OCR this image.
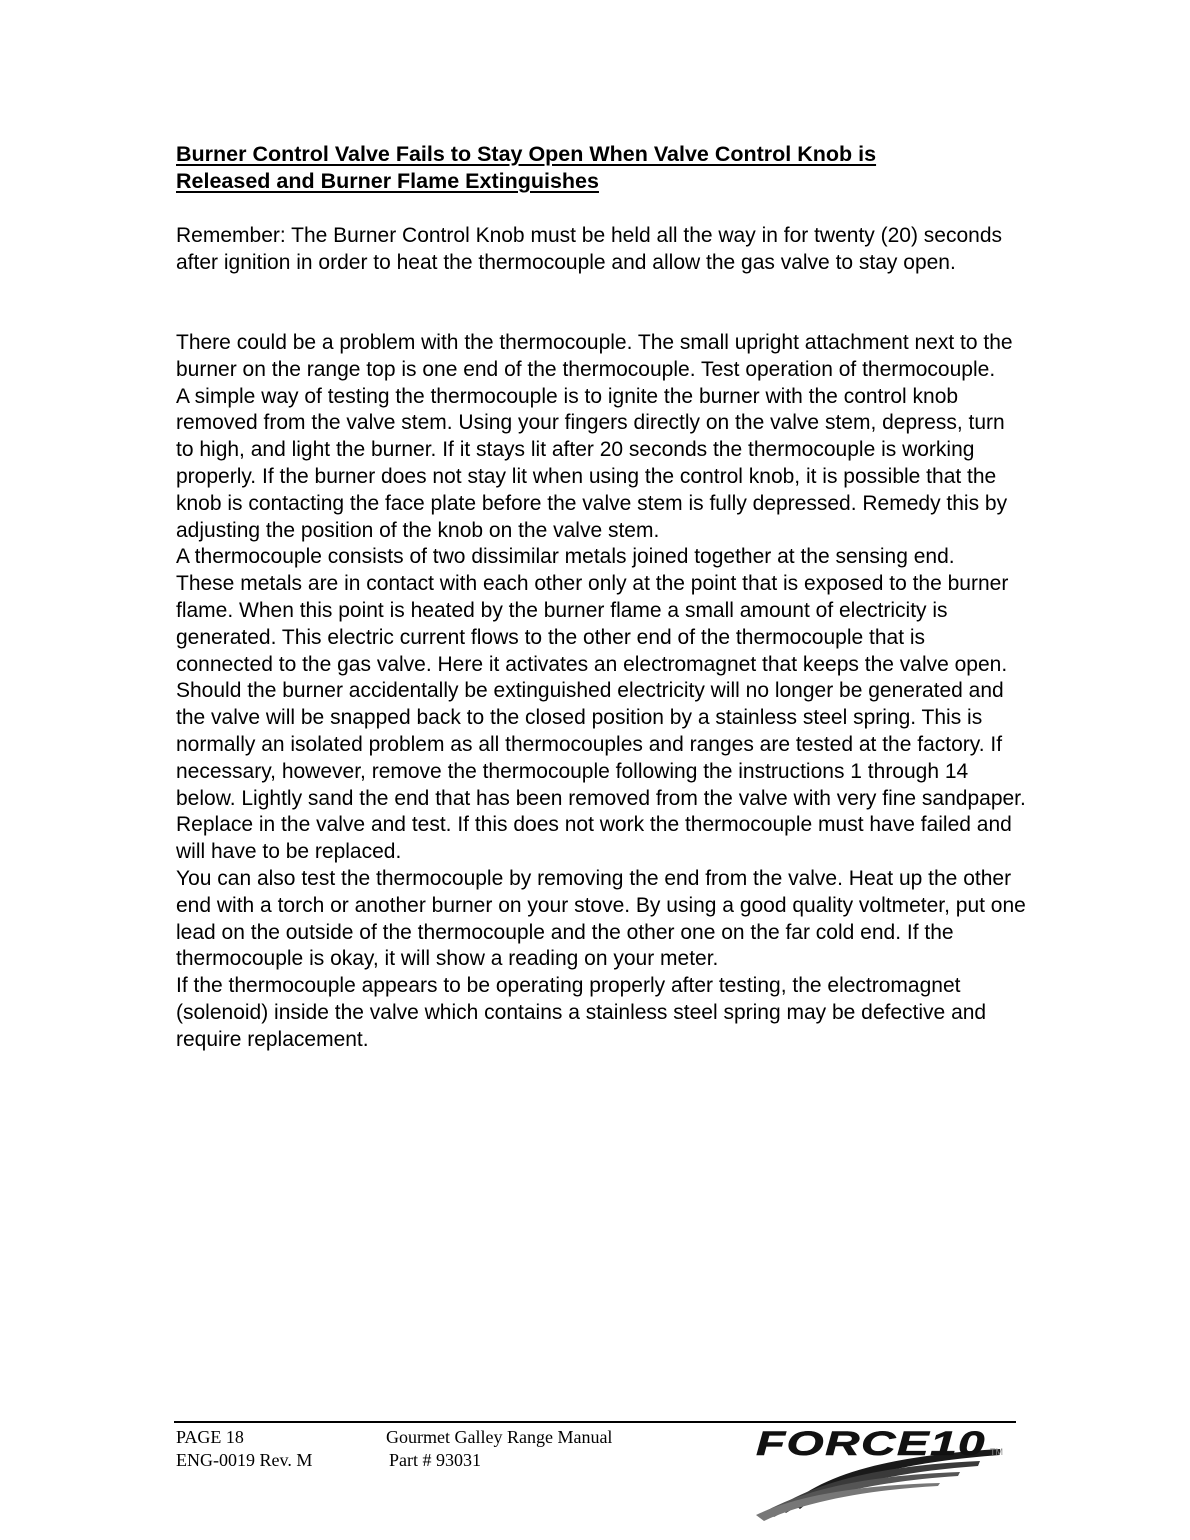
Burner Control Valve Fails to Stay Open When Valve Control Knob is
Released and Burner Flame Extinguishes

Remember: The Burner Control Knob must be held all the way in for twenty (20) seconds after ignition in order to heat the thermocouple and allow the gas valve to stay open.

There could be a problem with the thermocouple. The small upright attachment next to the burner on the range top is one end of the thermocouple. Test operation of thermocouple.

A simple way of testing the thermocouple is to ignite the burner with the control knob removed from the valve stem. Using your fingers directly on the valve stem, depress, turn to high, and light the burner. If it stays lit after 20 seconds the thermocouple is working properly. If the burner does not stay lit when using the control knob, it is possible that the knob is contacting the face plate before the valve stem is fully depressed. Remedy this by adjusting the position of the knob on the valve stem.

A thermocouple consists of two dissimilar metals joined together at the sensing end.

These metals are in contact with each other only at the point that is exposed to the burner flame. When this point is heated by the burner flame a small amount of electricity is generated. This electric current flows to the other end of the thermocouple that is connected to the gas valve. Here it activates an electromagnet that keeps the valve open.

Should the burner accidentally be extinguished electricity will no longer be generated and the valve will be snapped back to the closed position by a stainless steel spring. This is normally an isolated problem as all thermocouples and ranges are tested at the factory. If necessary, however, remove the thermocouple following the instructions 1 through 14 below. Lightly sand the end that has been removed from the valve with very fine sandpaper. Replace in the valve and test. If this does not work the thermocouple must have failed and will have to be replaced.

You can also test the thermocouple by removing the end from the valve. Heat up the other end with a torch or another burner on your stove. By using a good quality voltmeter, put one lead on the outside of the thermocouple and the other one on the far cold end. If the thermocouple is okay, it will show a reading on your meter.

If the thermocouple appears to be operating properly after testing, the electromagnet (solenoid) inside the valve which contains a stainless steel spring may be defective and require replacement.

PAGE 18
ENG-0019 Rev. M
Gourmet Galley Range Manual
Part # 93031	FORCE10 TM
